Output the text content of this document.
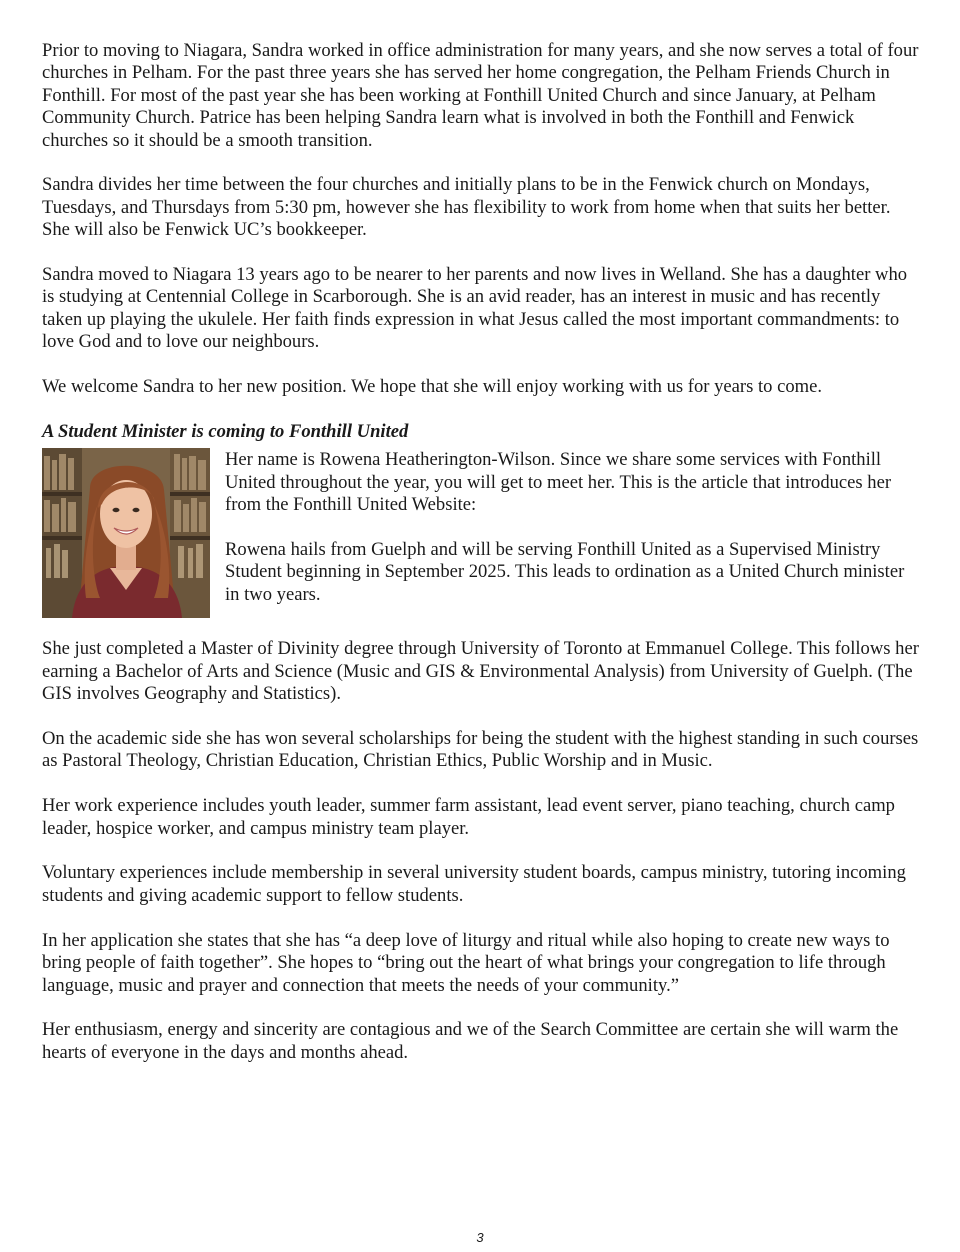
Prior to moving to Niagara, Sandra worked in office administration for many years, and she now serves a total of four churches in Pelham. For the past three years she has served her home congregation, the Pelham Friends Church in Fonthill. For most of the past year she has been working at Fonthill United Church and since January, at Pelham Community Church. Patrice has been helping Sandra learn what is involved in both the Fonthill and Fenwick churches so it should be a smooth transition.

Sandra divides her time between the four churches and initially plans to be in the Fenwick church on Mondays, Tuesdays, and Thursdays from 5:30 pm, however she has flexibility to work from home when that suits her better. She will also be Fenwick UC’s bookkeeper.

Sandra moved to Niagara 13 years ago to be nearer to her parents and now lives in Welland. She has a daughter who is studying at Centennial College in Scarborough. She is an avid reader, has an interest in music and has recently taken up playing the ukulele. Her faith finds expression in what Jesus called the most important commandments: to love God and to love our neighbours.

We welcome Sandra to her new position. We hope that she will enjoy working with us for years to come.

A Student Minister is coming to Fonthill United

Her name is Rowena Heatherington-Wilson. Since we share some services with Fonthill United throughout the year, you will get to meet her. This is the article that introduces her from the Fonthill United Website:

Rowena hails from Guelph and will be serving Fonthill United as a Supervised Ministry Student beginning in September 2025. This leads to ordination as a United Church minister in two years.

She just completed a Master of Divinity degree through University of Toronto at Emmanuel College. This follows her earning a Bachelor of Arts and Science (Music and GIS & Environmental Analysis) from University of Guelph. (The GIS involves Geography and Statistics).

On the academic side she has won several scholarships for being the student with the highest standing in such courses as Pastoral Theology, Christian Education, Christian Ethics, Public Worship and in Music.

Her work experience includes youth leader, summer farm assistant, lead event server, piano teaching, church camp leader, hospice worker, and campus ministry team player.

Voluntary experiences include membership in several university student boards, campus ministry, tutoring incoming students and giving academic support to fellow students.

In her application she states that she has “a deep love of liturgy and ritual while also hoping to create new ways to bring people of faith together”. She hopes to “bring out the heart of what brings your congregation to life through language, music and prayer and connection that meets the needs of your community.”

Her enthusiasm, energy and sincerity are contagious and we of the Search Committee are certain she will warm the hearts of everyone in the days and months ahead.

3
